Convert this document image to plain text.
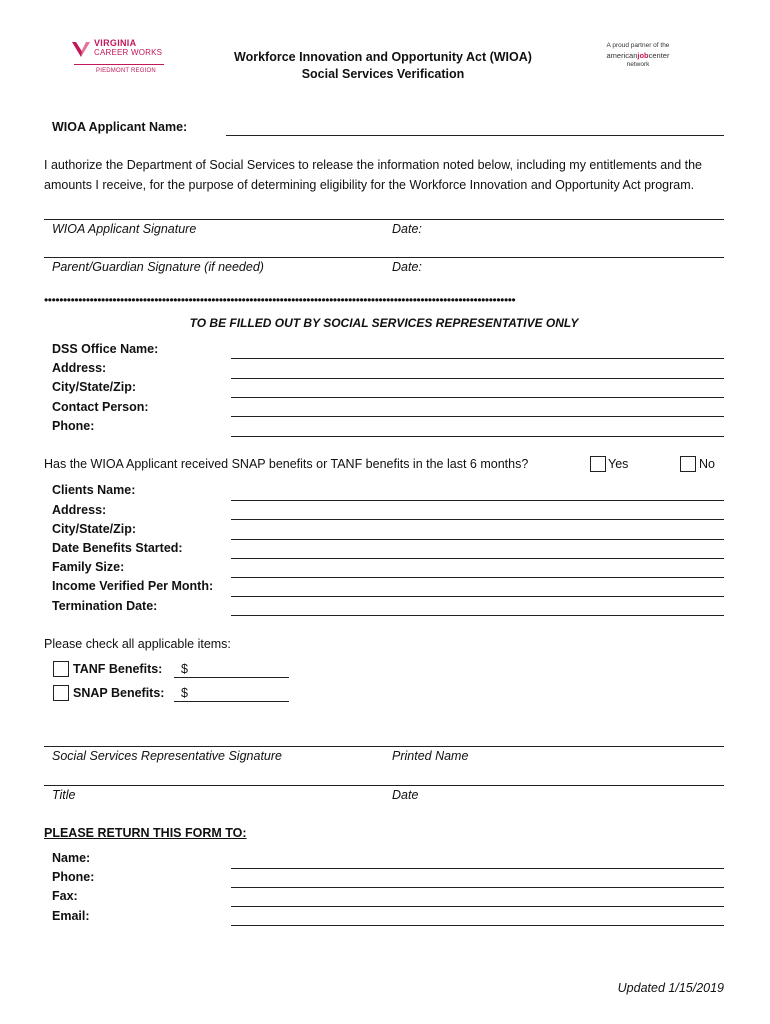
VIRGINIA
CAREER WORKS
PIEDMONT REGION
Workforce Innovation and Opportunity Act (WIOA)
Social Services Verification
A proud partner of the
americanjobcenter
network
WIOA Applicant Name:
I authorize the Department of Social Services to release the information noted below, including my entitlements and the amounts I receive, for the purpose of determining eligibility for the Workforce Innovation and Opportunity Act program.
WIOA Applicant Signature	Date:
Parent/Guardian Signature (if needed)	Date:
••••••••••••••••••••••••••••••••••••••••••••••••••••••••••••••••••••••••••••••••••••••••••••••••••••••••••••••••••••••••••••
TO BE FILLED OUT BY SOCIAL SERVICES REPRESENTATIVE ONLY
DSS Office Name:
Address:
City/State/Zip:
Contact Person:
Phone:
Has the WIOA Applicant received SNAP benefits or TANF benefits in the last 6 months?	Yes	No
Clients Name:
Address:
City/State/Zip:
Date Benefits Started:
Family Size:
Income Verified Per Month:
Termination Date:
Please check all applicable items:
TANF Benefits: $
SNAP Benefits: $
Social Services Representative Signature	Printed Name
Title	Date
PLEASE RETURN THIS FORM TO:
Name:
Phone:
Fax:
Email:
Updated 1/15/2019
